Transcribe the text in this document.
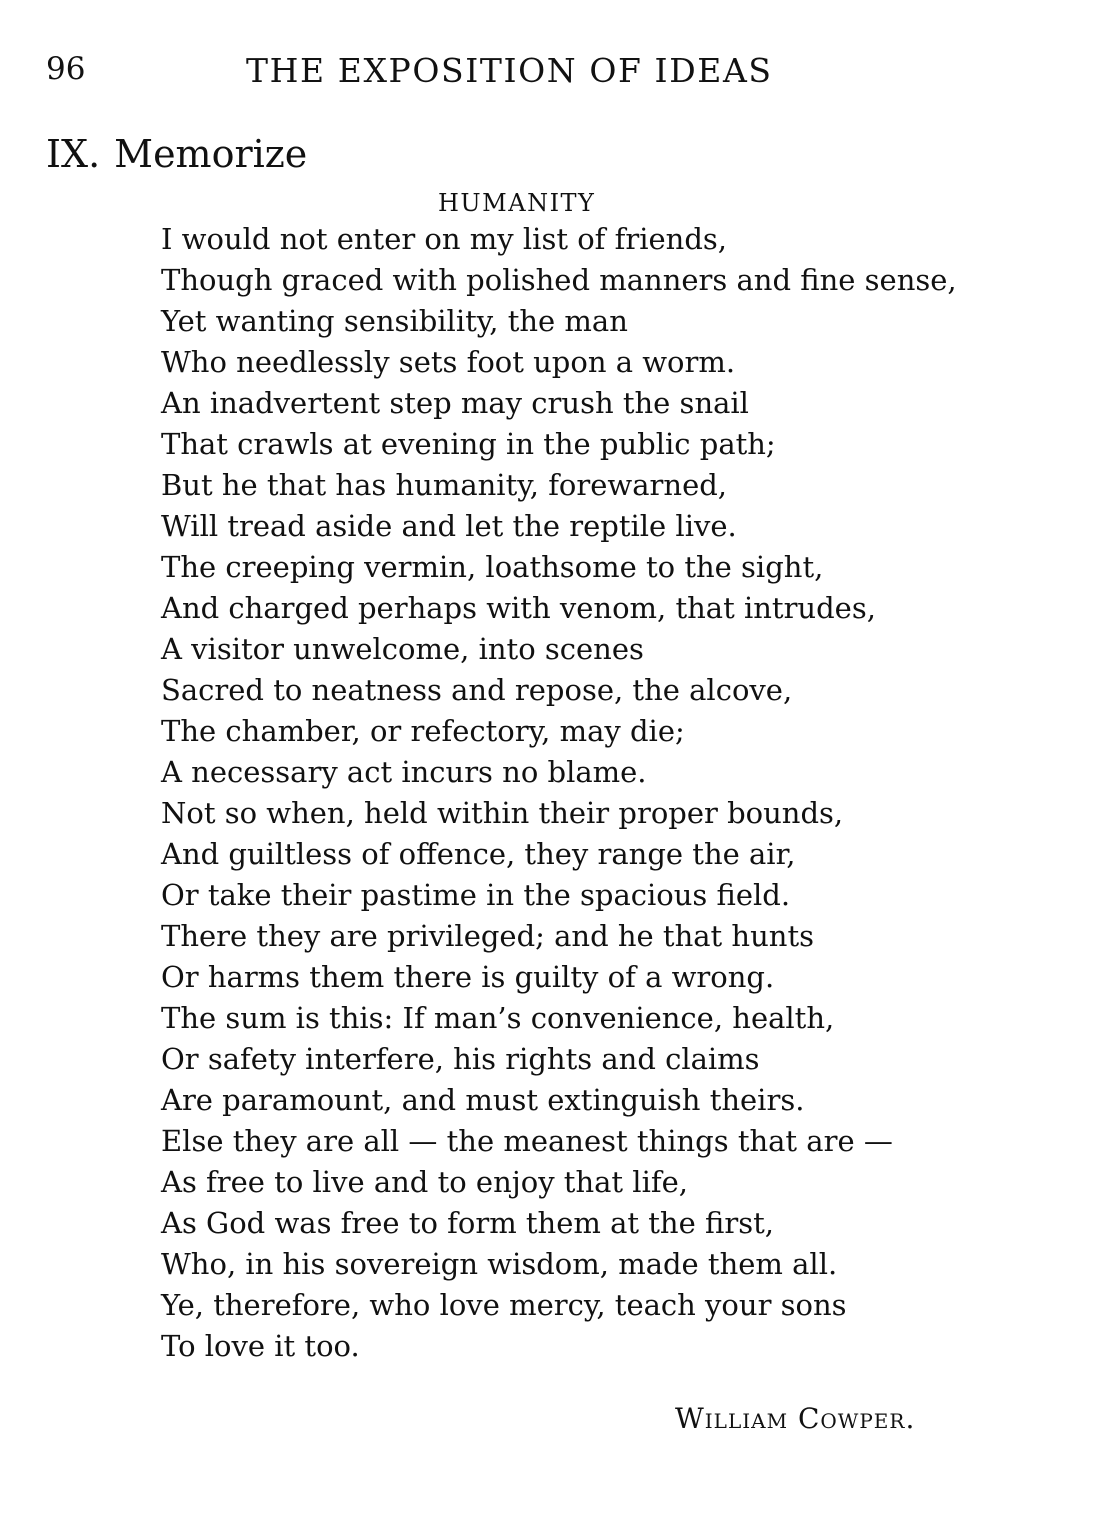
96	THE EXPOSITION OF IDEAS
IX. Memorize
HUMANITY
I would not enter on my list of friends,
Though graced with polished manners and fine sense,
Yet wanting sensibility, the man
Who needlessly sets foot upon a worm.
An inadvertent step may crush the snail
That crawls at evening in the public path;
But he that has humanity, forewarned,
Will tread aside and let the reptile live.
The creeping vermin, loathsome to the sight,
And charged perhaps with venom, that intrudes,
A visitor unwelcome, into scenes
Sacred to neatness and repose, the alcove,
The chamber, or refectory, may die;
A necessary act incurs no blame.
Not so when, held within their proper bounds,
And guiltless of offence, they range the air,
Or take their pastime in the spacious field.
There they are privileged; and he that hunts
Or harms them there is guilty of a wrong.
The sum is this: If man’s convenience, health,
Or safety interfere, his rights and claims
Are paramount, and must extinguish theirs.
Else they are all — the meanest things that are —
As free to live and to enjoy that life,
As God was free to form them at the first,
Who, in his sovereign wisdom, made them all.
Ye, therefore, who love mercy, teach your sons
To love it too.
William Cowper.
